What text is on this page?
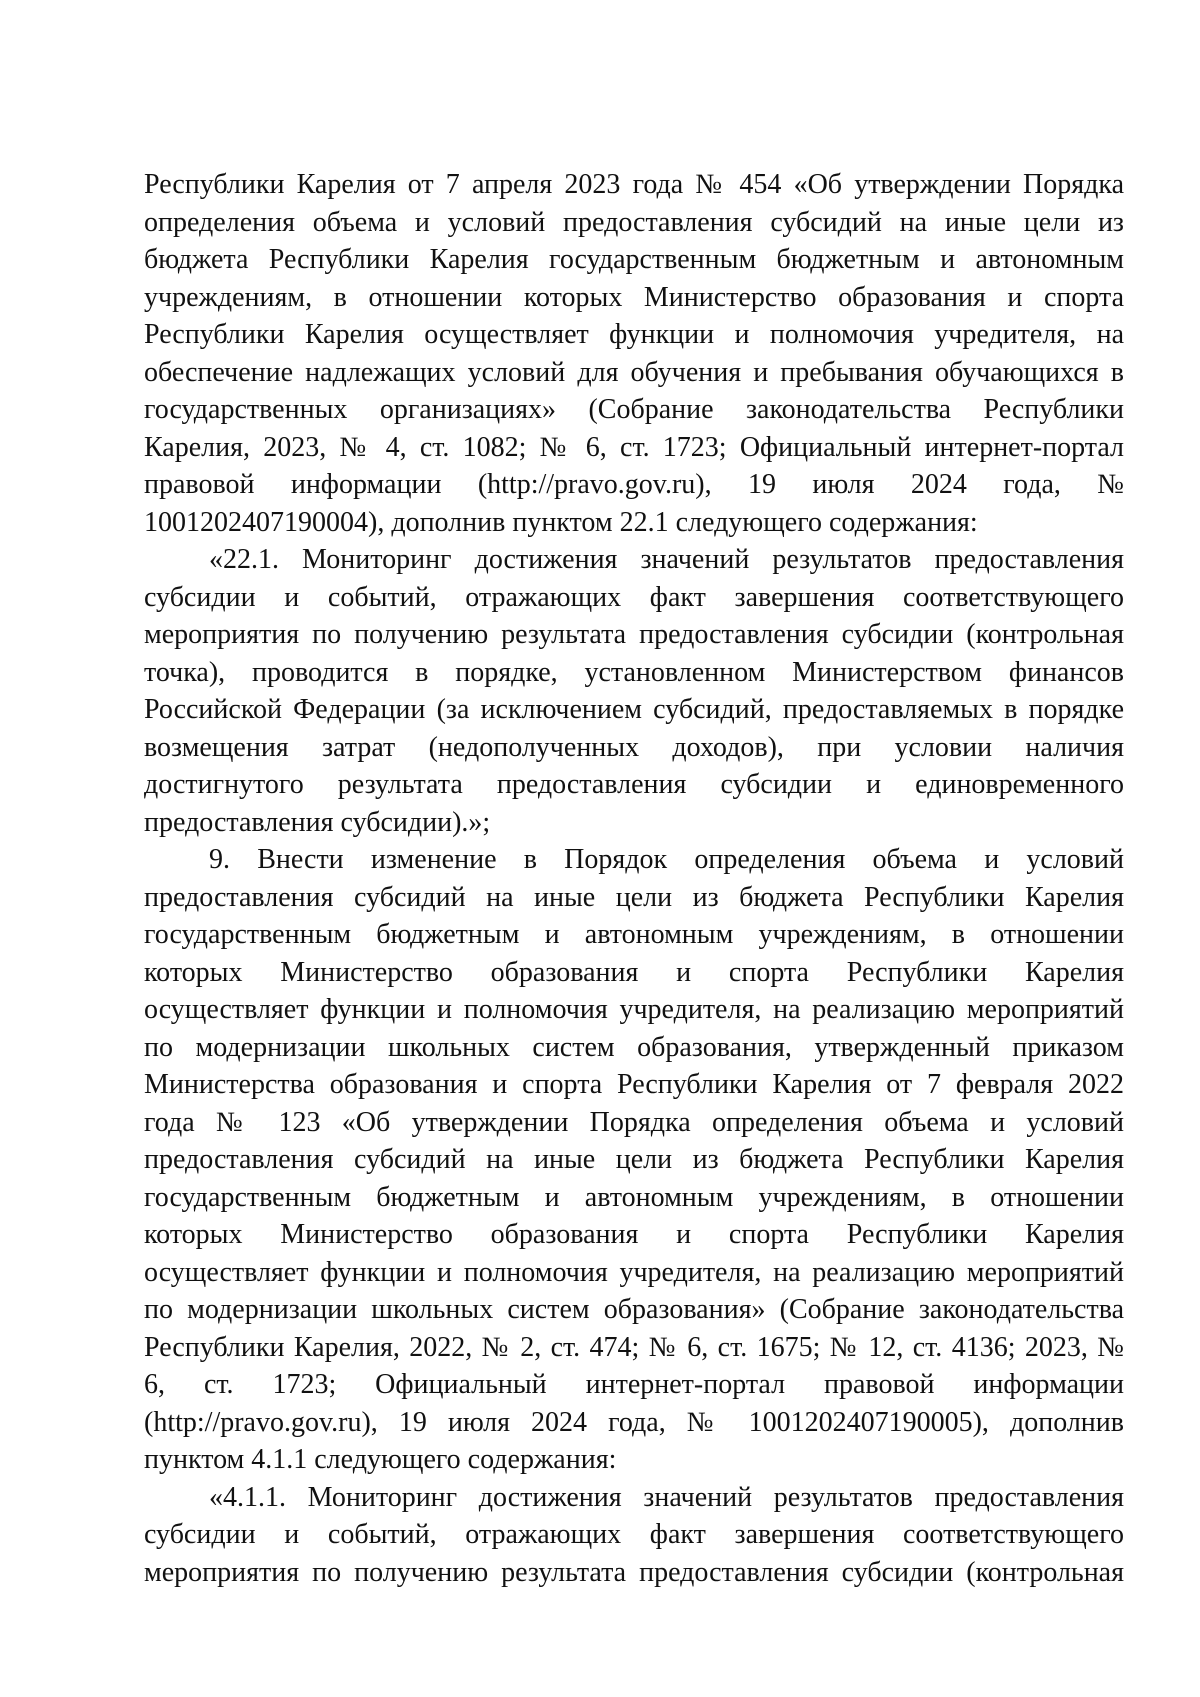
Республики Карелия от 7 апреля 2023 года № 454 «Об утверждении Порядка
определения объема и условий предоставления субсидий на иные цели из
бюджета Республики Карелия государственным бюджетным и автономным
учреждениям, в отношении которых Министерство образования и спорта
Республики Карелия осуществляет функции и полномочия учредителя, на
обеспечение надлежащих условий для обучения и пребывания обучающихся в
государственных организациях» (Собрание законодательства Республики
Карелия, 2023, № 4, ст. 1082; № 6, ст. 1723; Официальный интернет-портал
правовой информации (http://pravo.gov.ru), 19 июля 2024 года, №
1001202407190004), дополнив пунктом 22.1 следующего содержания:
«22.1. Мониторинг достижения значений результатов предоставления
субсидии и событий, отражающих факт завершения соответствующего
мероприятия по получению результата предоставления субсидии (контрольная
точка), проводится в порядке, установленном Министерством финансов
Российской Федерации (за исключением субсидий, предоставляемых в порядке
возмещения затрат (недополученных доходов), при условии наличия
достигнутого результата предоставления субсидии и единовременного
предоставления субсидии).»;
9. Внести изменение в Порядок определения объема и условий
предоставления субсидий на иные цели из бюджета Республики Карелия
государственным бюджетным и автономным учреждениям, в отношении
которых Министерство образования и спорта Республики Карелия
осуществляет функции и полномочия учредителя, на реализацию мероприятий
по модернизации школьных систем образования, утвержденный приказом
Министерства образования и спорта Республики Карелия от 7 февраля 2022
года № 123 «Об утверждении Порядка определения объема и условий
предоставления субсидий на иные цели из бюджета Республики Карелия
государственным бюджетным и автономным учреждениям, в отношении
которых Министерство образования и спорта Республики Карелия
осуществляет функции и полномочия учредителя, на реализацию мероприятий
по модернизации школьных систем образования» (Собрание законодательства
Республики Карелия, 2022, № 2, ст. 474; № 6, ст. 1675; № 12, ст. 4136; 2023, №
6, ст. 1723; Официальный интернет-портал правовой информации
(http://pravo.gov.ru), 19 июля 2024 года, № 1001202407190005), дополнив
пунктом 4.1.1 следующего содержания:
«4.1.1. Мониторинг достижения значений результатов предоставления
субсидии и событий, отражающих факт завершения соответствующего
мероприятия по получению результата предоставления субсидии (контрольная
